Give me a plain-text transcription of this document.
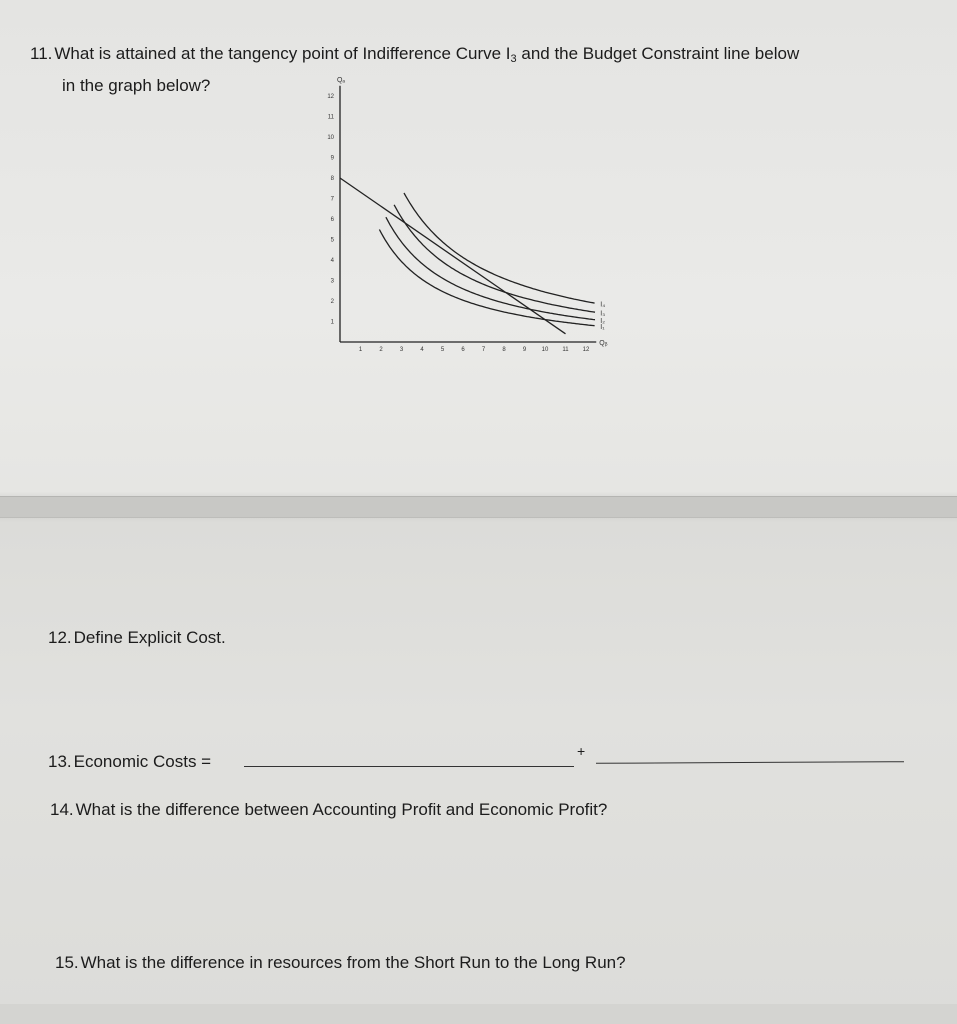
11. What is attained at the tangency point of Indifference Curve $I_3$ and the Budget Constraint line below

in the graph below?

1
2
3
4
5
6
7
8
9
10
11
12
1	2	3	4	5	6	7	8	9	10 11 12
Qₐ
Qᵦ
I₁
I₂
I₃
I₄

12. Define Explicit Cost.

13. Economic Costs =

+

14. What is the difference between Accounting Profit and Economic Profit?

15. What is the difference in resources from the Short Run to the Long Run?
